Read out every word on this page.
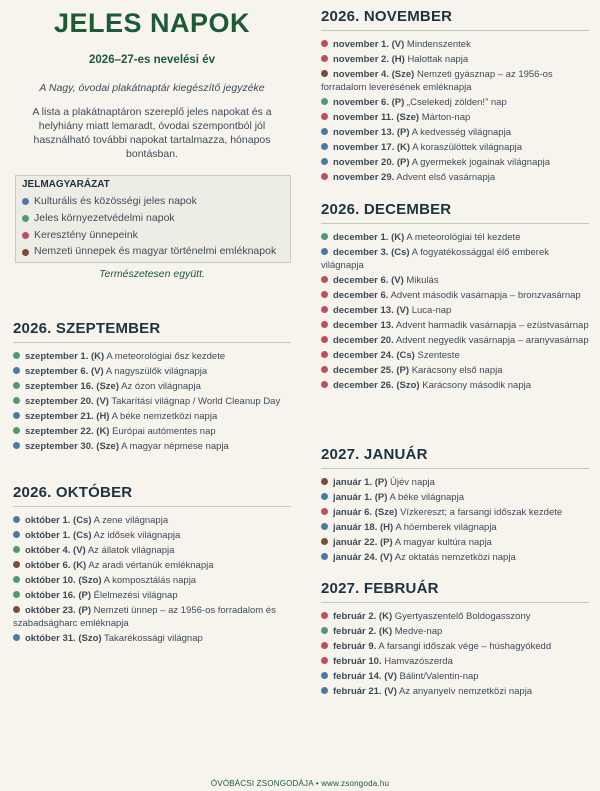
JELES NAPOK
2026–27-es nevelési év
A Nagy, óvodai plakátnaptár kiegészítő jegyzéke
A lista a plakátnaptáron szereplő jeles napokat és a helyhiány miatt lemaradt, óvodai szempontból jól használható további napokat tartalmazza, hónapos bontásban.
JELMAGYARÁZAT
Kulturális és közösségi jeles napok
Jeles környezetvédelmi napok
Keresztény ünnepeink
Nemzeti ünnepek és magyar történelmi emléknapok
Természetesen együtt.
2026. SZEPTEMBER
szeptember 1. (K) A meteorológiai ősz kezdete
szeptember 6. (V) A nagyszülők világnapja
szeptember 16. (Sze) Az ózon világnapja
szeptember 20. (V) Takarítási világnap / World Cleanup Day
szeptember 21. (H) A béke nemzetközi napja
szeptember 22. (K) Európai autómentes nap
szeptember 30. (Sze) A magyar népmese napja
2026. OKTÓBER
október 1. (Cs) A zene világnapja
október 1. (Cs) Az idősek világnapja
október 4. (V) Az állatok világnapja
október 6. (K) Az aradi vértanúk emléknapja
október 10. (Szo) A komposztálás napja
október 16. (P) Élelmezési világnap
október 23. (P) Nemzeti ünnep – az 1956-os forradalom és szabadságharc emléknapja
október 31. (Szo) Takarékossági világnap
2026. NOVEMBER
november 1. (V) Mindenszentek
november 2. (H) Halottak napja
november 4. (Sze) Nemzeti gyásznap – az 1956-os forradalom leverésének emléknapja
november 6. (P) „Cselekedj zölden!” nap
november 11. (Sze) Márton-nap
november 13. (P) A kedvesség világnapja
november 17. (K) A koraszülöttek világnapja
november 20. (P) A gyermekek jogainak világnapja
november 29. Advent első vasárnapja
2026. DECEMBER
december 1. (K) A meteorológiai tél kezdete
december 3. (Cs) A fogyatékossággal élő emberek világnapja
december 6. (V) Mikulás
december 6. Advent második vasárnapja – bronzvasárnap
december 13. (V) Luca-nap
december 13. Advent harmadik vasárnapja – ezüstvasárnap
december 20. Advent negyedik vasárnapja – aranyvasárnap
december 24. (Cs) Szenteste
december 25. (P) Karácsony első napja
december 26. (Szo) Karácsony második napja
2027. JANUÁR
január 1. (P) Újév napja
január 1. (P) A béke világnapja
január 6. (Sze) Vízkereszt; a farsangi időszak kezdete
január 18. (H) A hóemberek világnapja
január 22. (P) A magyar kultúra napja
január 24. (V) Az oktatás nemzetközi napja
2027. FEBRUÁR
február 2. (K) Gyertyaszentelő Boldogasszony
február 2. (K) Medve-nap
február 9. A farsangi időszak vége – húshagyókedd
február 10. Hamvazószerda
február 14. (V) Bálint/Valentin-nap
február 21. (V) Az anyanyelv nemzetközi napja
ÓVÓBÁCSI ZSONGODÁJA • www.zsongoda.hu
